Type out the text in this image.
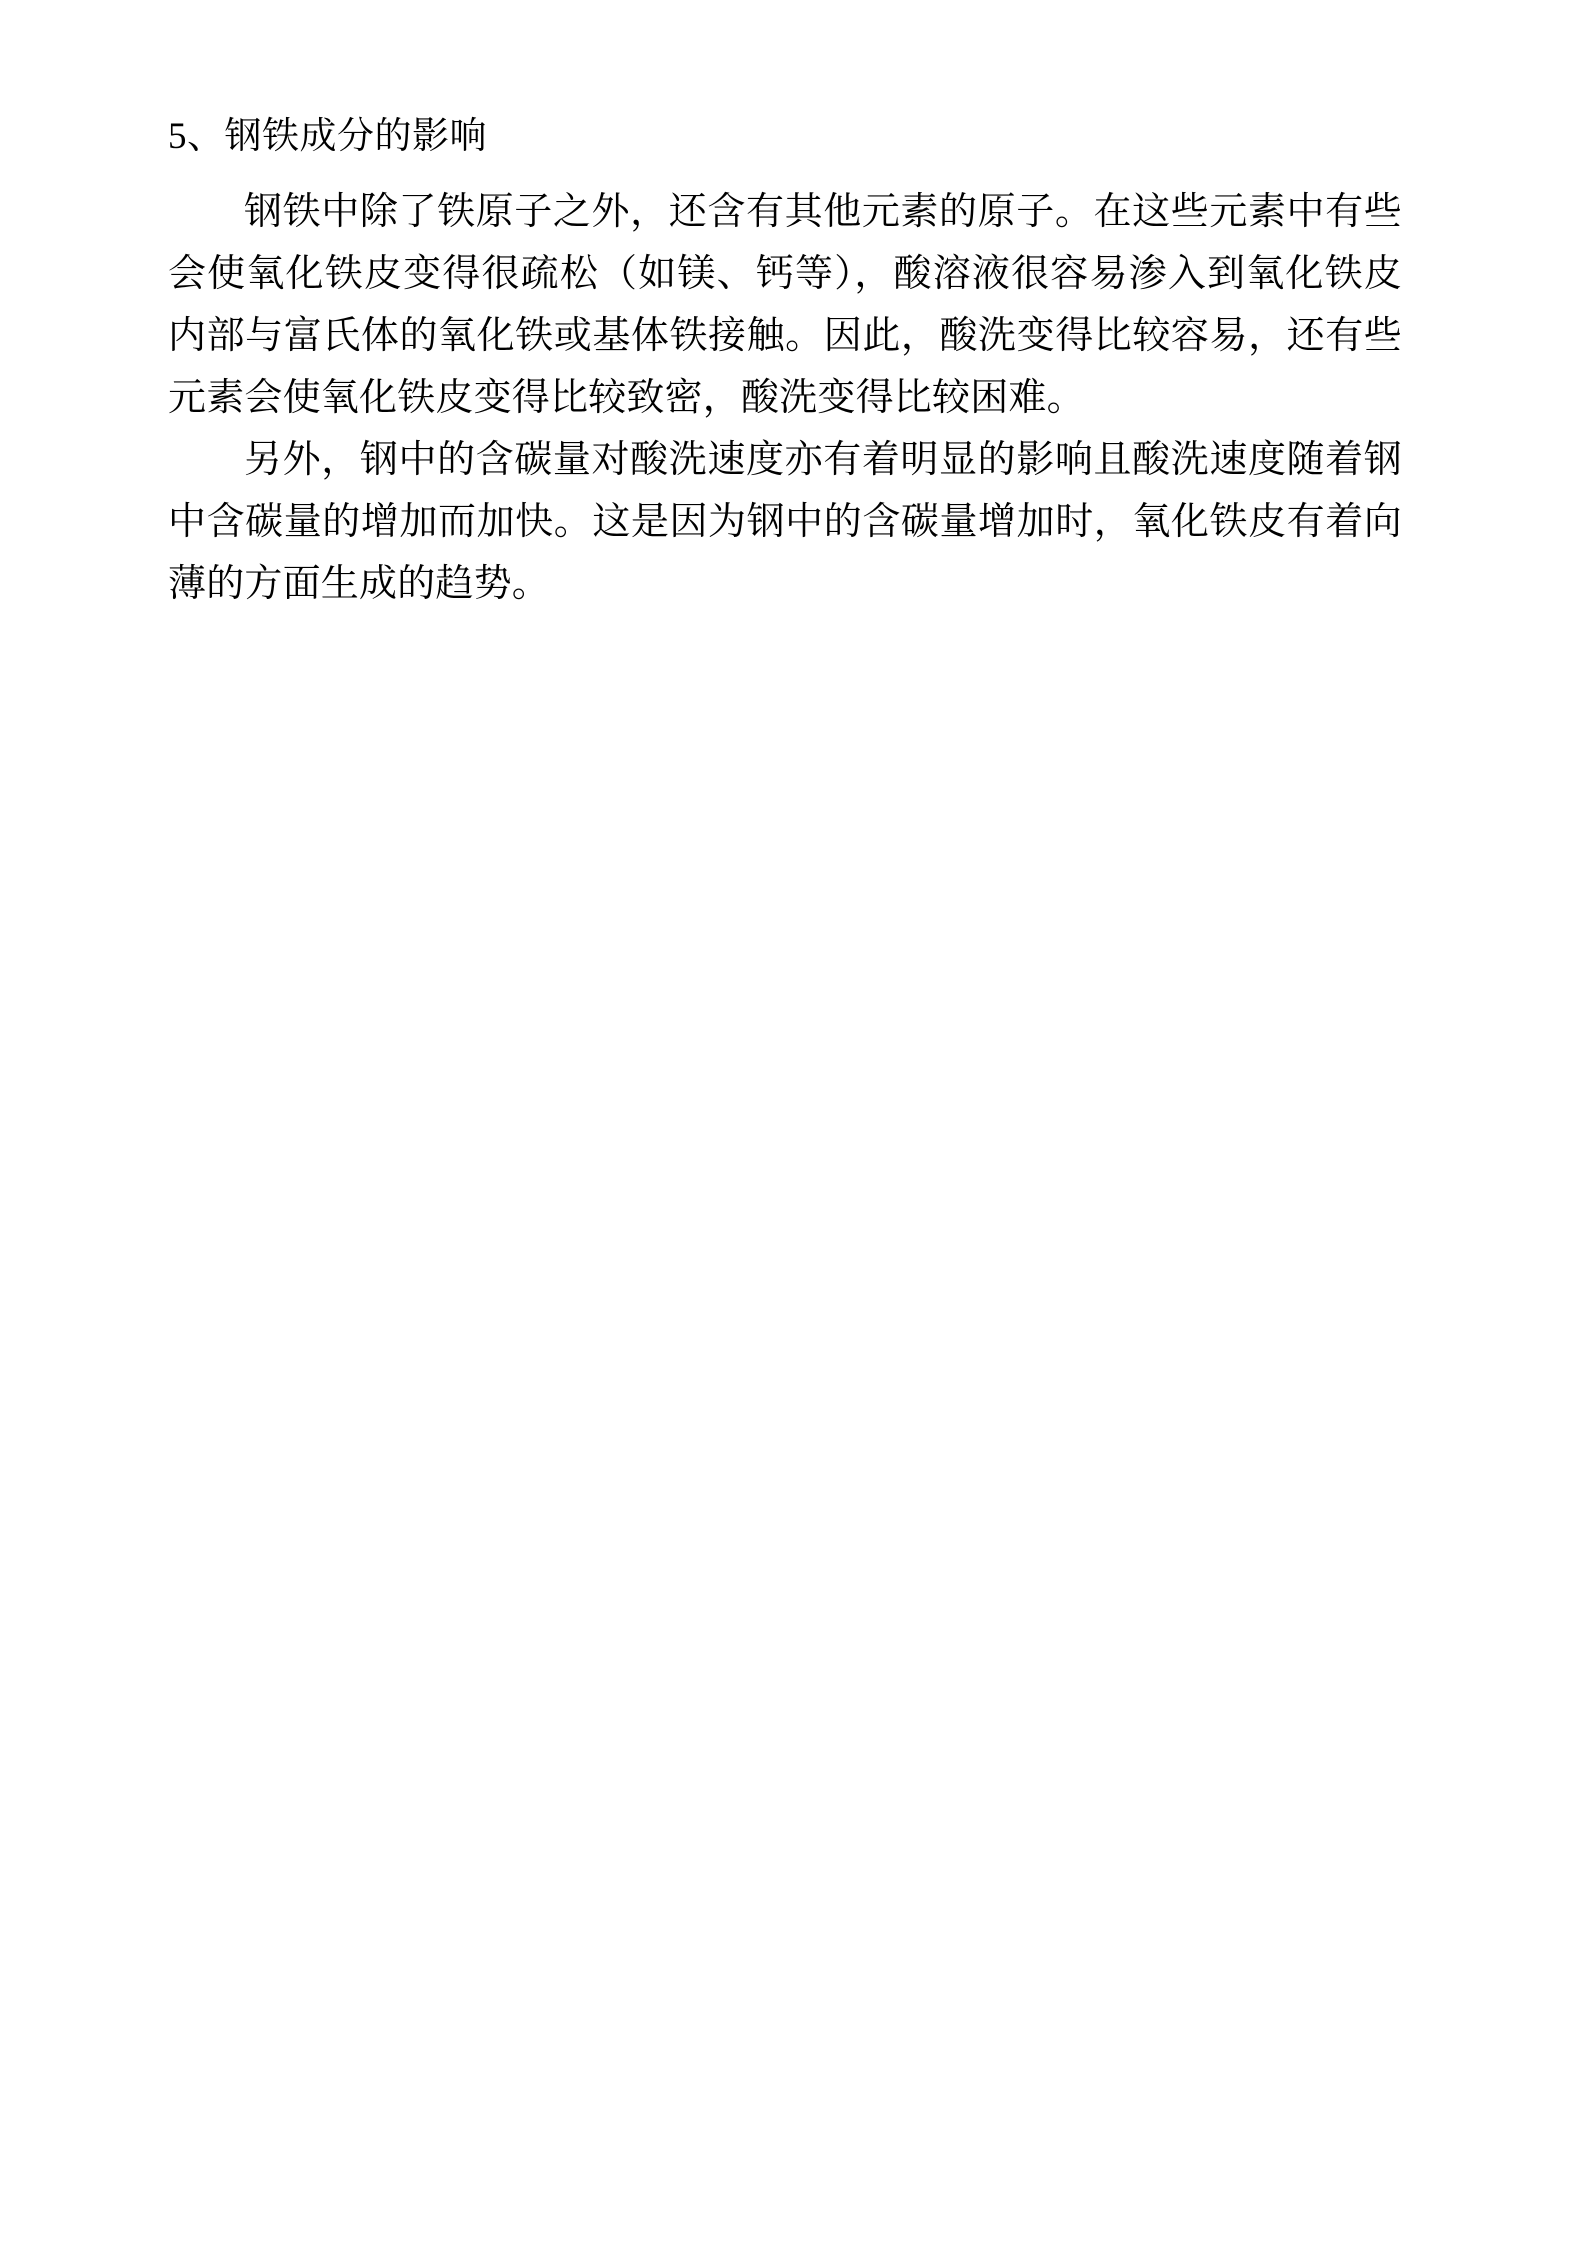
5、钢铁成分的影响

钢铁中除了铁原子之外，还含有其他元素的原子。在这些元素中有些会使氧化铁皮变得很疏松（如镁、钙等），酸溶液很容易渗入到氧化铁皮内部与富氏体的氧化铁或基体铁接触。因此，酸洗变得比较容易，还有些元素会使氧化铁皮变得比较致密，酸洗变得比较困难。

另外，钢中的含碳量对酸洗速度亦有着明显的影响且酸洗速度随着钢中含碳量的增加而加快。这是因为钢中的含碳量增加时，氧化铁皮有着向薄的方面生成的趋势。
